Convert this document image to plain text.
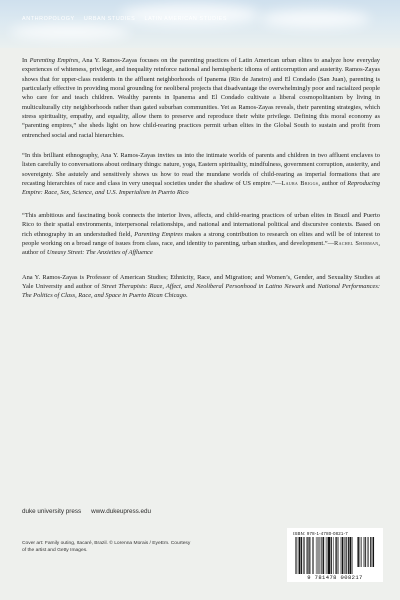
ANTHROPOLOGY URBAN STUDIES LATIN AMERICAN STUDIES

In Parenting Empires, Ana Y. Ramos-Zayas focuses on the parenting practices of Latin American urban elites to analyze how everyday experiences of whiteness, privilege, and inequality reinforce national and hemispheric idioms of anticorruption and austerity. Ramos-Zayas shows that for upper-class residents in the affluent neighborhoods of Ipanema (Rio de Janeiro) and El Condado (San Juan), parenting is particularly effective in providing moral grounding for neoliberal projects that disadvantage the overwhelmingly poor and racialized people who care for and teach children. Wealthy parents in Ipanema and El Condado cultivate a liberal cosmopolitanism by living in multiculturally city neighborhoods rather than gated suburban communities. Yet as Ramos-Zayas reveals, their parenting strategies, which stress spirituality, empathy, and equality, allow them to preserve and reproduce their white privilege. Defining this moral economy as “parenting empires,” she sheds light on how child-rearing practices permit urban elites in the Global South to sustain and profit from entrenched social and racial hierarchies.

“In this brilliant ethnography, Ana Y. Ramos-Zayas invites us into the intimate worlds of parents and children in two affluent enclaves to listen carefully to conversations about ordinary things: nature, yoga, Eastern spirituality, mindfulness, government corruption, austerity, and sovereignty. She astutely and sensitively shows us how to read the mundane worlds of child-rearing as imperial formations that are recasting hierarchies of race and class in very unequal societies under the shadow of US empire.”—Laura Briggs, author of Reproducing Empire: Race, Sex, Science, and U.S. Imperialism in Puerto Rico

“This ambitious and fascinating book connects the interior lives, affects, and child-rearing practices of urban elites in Brazil and Puerto Rico to their spatial environments, interpersonal relationships, and national and international political and discursive contexts. Based on rich ethnography in an understudied field, Parenting Empires makes a strong contribution to research on elites and will be of interest to people working on a broad range of issues from class, race, and identity to parenting, urban studies, and development.”—Rachel Sherman, author of Uneasy Street: The Anxieties of Affluence

Ana Y. Ramos-Zayas is Professor of American Studies; Ethnicity, Race, and Migration; and Women’s, Gender, and Sexuality Studies at Yale University and author of Street Therapists: Race, Affect, and Neoliberal Personhood in Latino Newark and National Performances: The Politics of Class, Race, and Space in Puerto Rican Chicago.

duke university press www.dukeupress.edu
Cover art: Family outing, Itacaré, Brazil. © Lorenna Morais / EyeEm. Courtesy of the artist and Getty Images.
ISBN: 978-1-4780-0821-7
9 781478 008217
